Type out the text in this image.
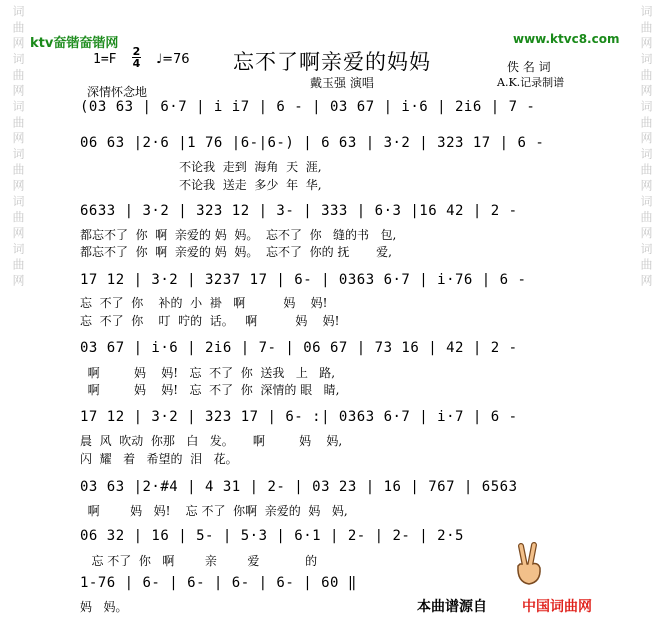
词 曲 网 词 曲 网 词 曲 网 词 曲 网 词 曲 网 词 曲 网	词 曲 网 词 曲 网 词 曲 网 词 曲 网 词 曲 网 词 曲 网
ktv奤锴奤锴网	www.ktvc8.com
1=F
2
4 ♩=76 忘不了啊亲爱的妈妈
戴玉强 演唱
佚 名 词
A.K.记录制谱
深情怀念地
(03 63 | 6·7 | i i7 | 6 - | 03 67 | i·6 | 2i6 | 7 -
06 63 |2·6 |1 76 |6-|6-) | 6 63 | 3·2 | 323 17 | 6 -
不论我  走到  海角  天  涯,
不论我  送走  多少  年  华,
6633 | 3·2 | 323 12 | 3- | 333 | 6·3 |16 42 | 2 -
都忘不了  你  啊  亲爱的 妈  妈。  忘不了  你   缝的书   包,
都忘不了  你  啊  亲爱的 妈  妈。  忘不了  你的 抚       爱,
17 12 | 3·2 | 3237 17 | 6- | 0363 6·7 | i·76 | 6 -
忘  不了  你    补的  小  褂   啊          妈    妈!
忘  不了  你    叮  咛的  话。   啊          妈    妈!
03 67 | i·6 | 2i6 | 7- | 06 67 | 73 16 | 42 | 2 -
啊         妈    妈!   忘  不了  你  送我   上   路,
啊         妈    妈!   忘  不了  你  深情的 眼   睛,
17 12 | 3·2 | 323 17 | 6- :| 0363 6·7 | i·7 | 6 -
晨  风  吹动  你那   白   发。     啊         妈    妈,
闪  耀   着   希望的  泪   花。
03 63 |2·#4 | 4 31 | 2- | 03 23 | 16 | 767 | 6563
啊        妈   妈!    忘 不了  你啊  亲爱的  妈   妈,
06 32 | 16 | 5- | 5·3 | 6·1 | 2- | 2- | 2·5
忘 不了  你   啊        亲        爱            的
1-76 | 6- | 6- | 6- | 6- | 60 ‖
妈   妈。	本曲谱源自	中国词曲网
